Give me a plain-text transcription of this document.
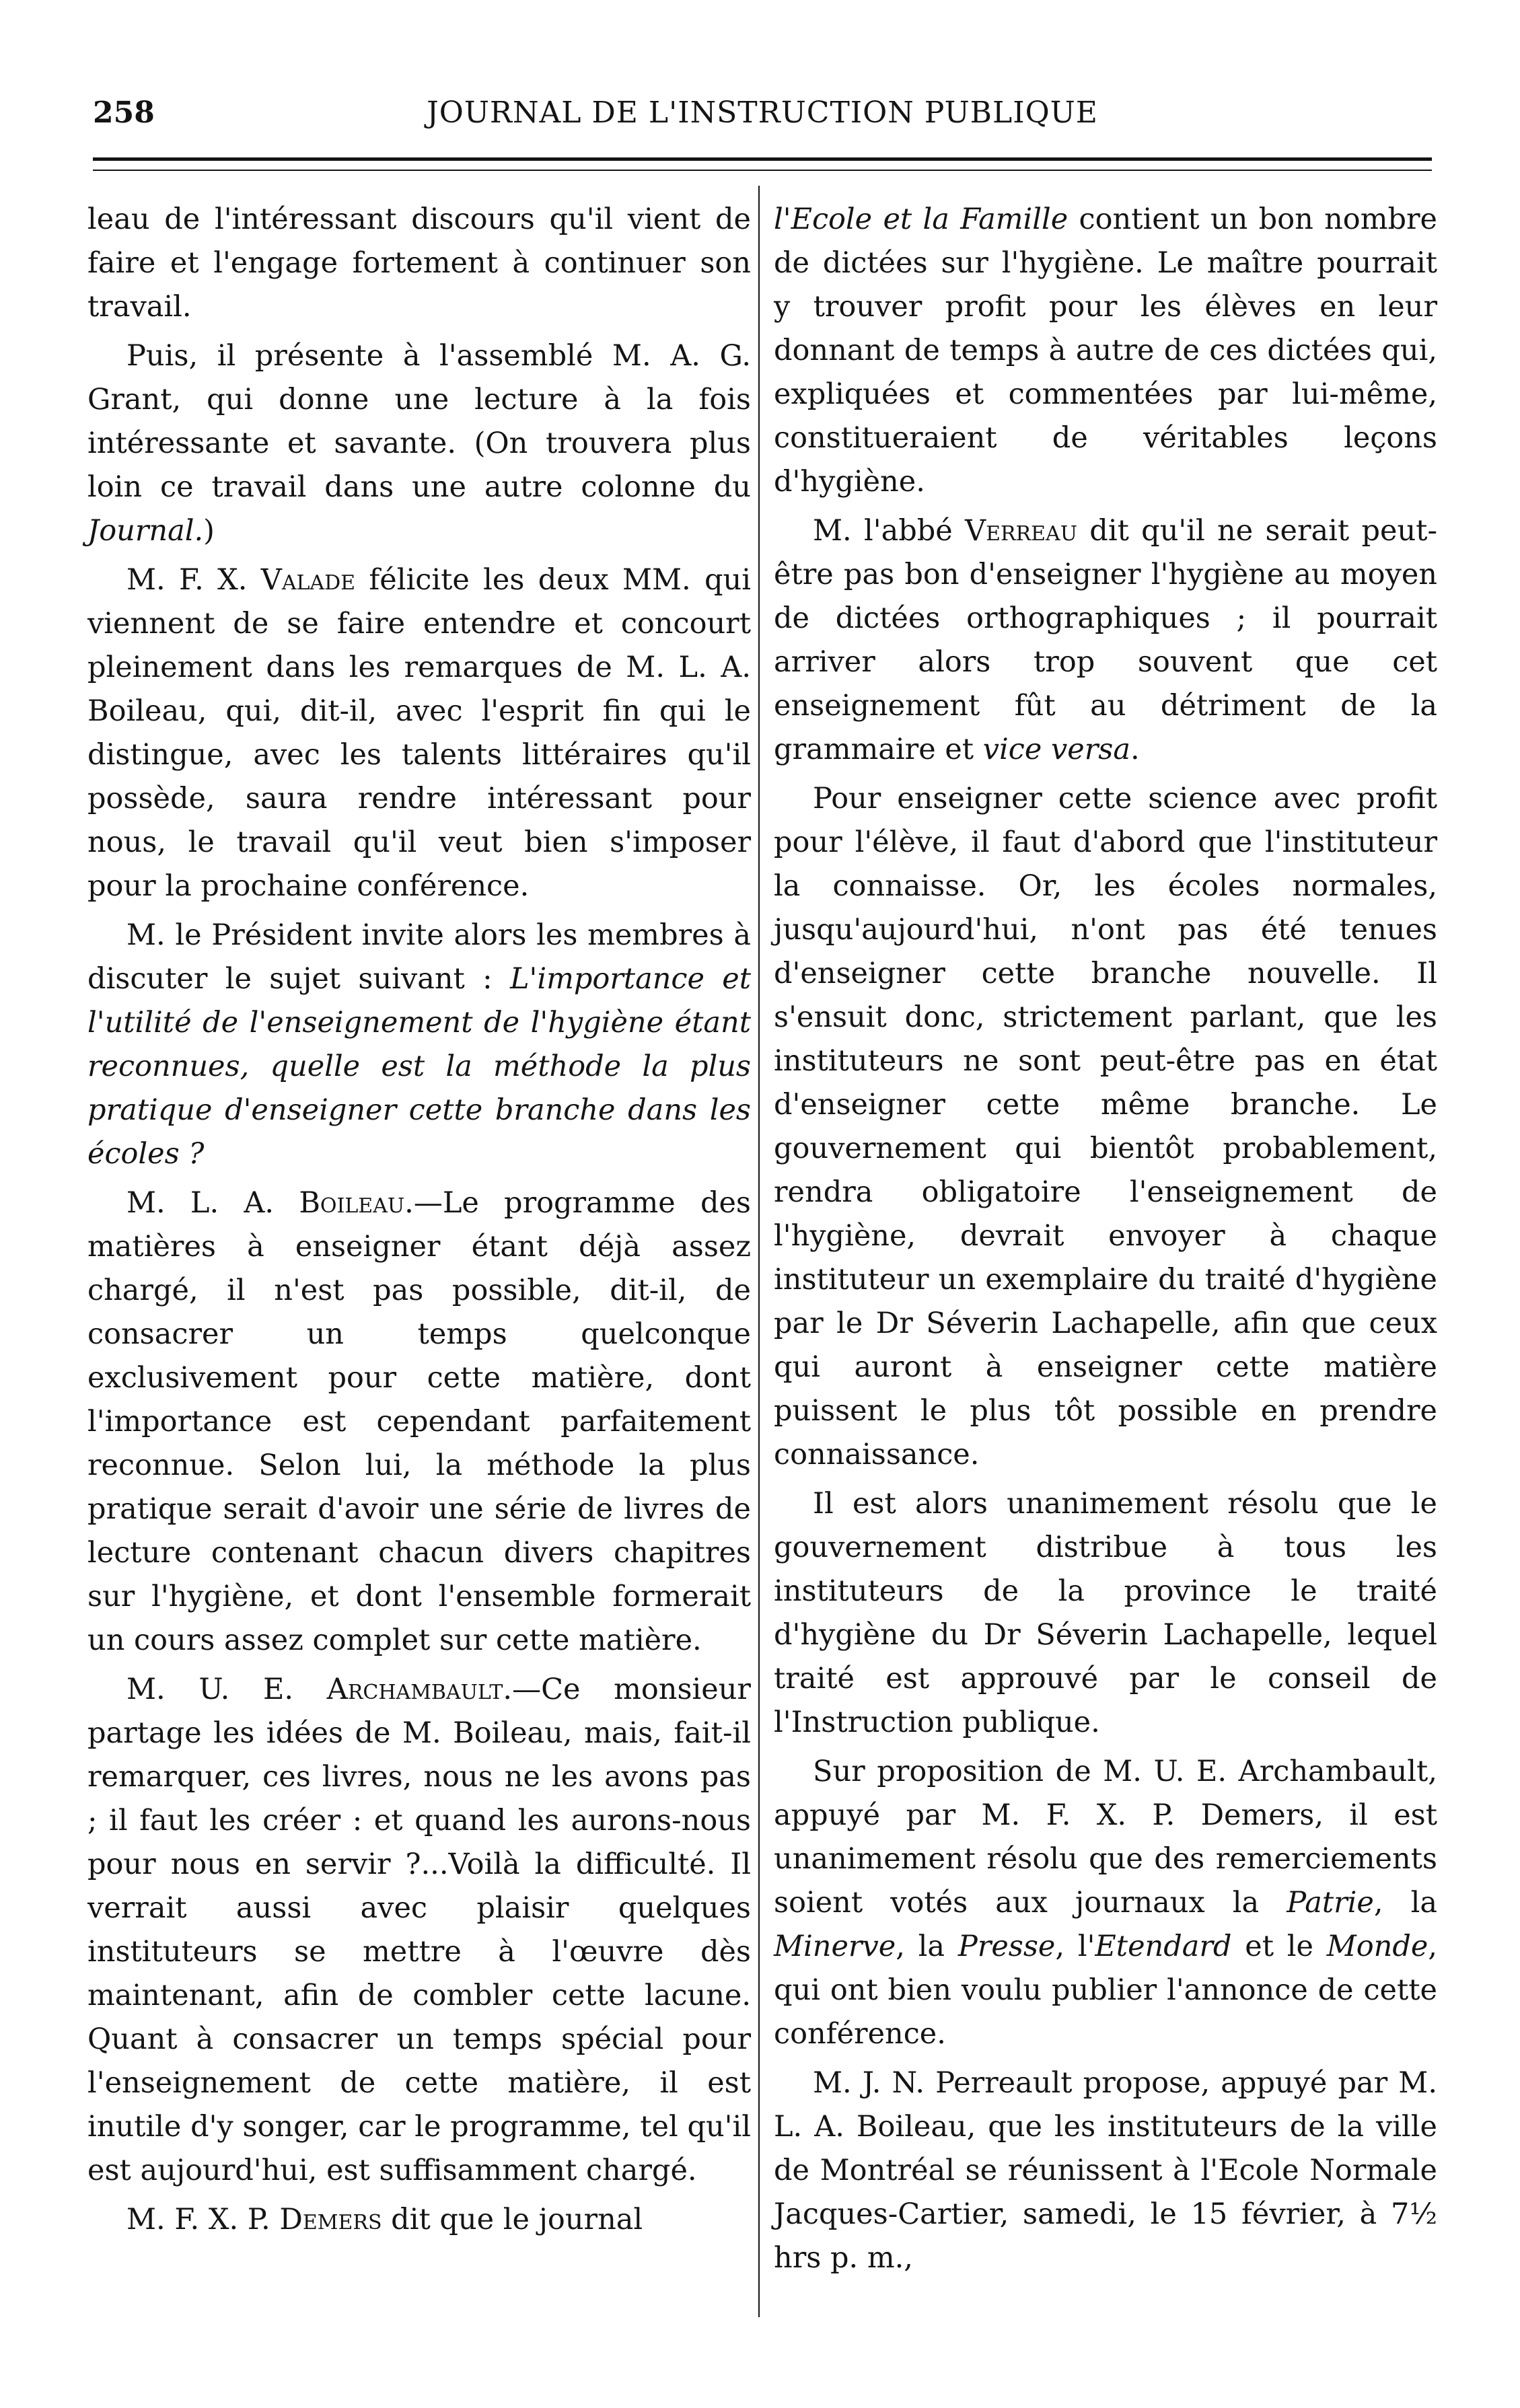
258	JOURNAL DE L'INSTRUCTION PUBLIQUE

leau de l'intéressant discours qu'il vient de faire et l'engage fortement à continuer son travail.

Puis, il présente à l'assemblé M. A. G. Grant, qui donne une lecture à la fois intéressante et savante. (On trouvera plus loin ce travail dans une autre colonne du Journal.)

M. F. X. Valade félicite les deux MM. qui viennent de se faire entendre et concourt pleinement dans les remarques de M. L. A. Boileau, qui, dit-il, avec l'esprit fin qui le distingue, avec les talents littéraires qu'il possède, saura rendre intéressant pour nous, le travail qu'il veut bien s'imposer pour la prochaine conférence.

M. le Président invite alors les membres à discuter le sujet suivant : L'importance et l'utilité de l'enseignement de l'hygiène étant reconnues, quelle est la méthode la plus pratique d'enseigner cette branche dans les écoles ?

M. L. A. Boileau.—Le programme des matières à enseigner étant déjà assez chargé, il n'est pas possible, dit-il, de consacrer un temps quelconque exclusivement pour cette matière, dont l'importance est cependant parfaitement reconnue. Selon lui, la méthode la plus pratique serait d'avoir une série de livres de lecture contenant chacun divers chapitres sur l'hygiène, et dont l'ensemble formerait un cours assez complet sur cette matière.

M. U. E. Archambault.—Ce monsieur partage les idées de M. Boileau, mais, fait-il remarquer, ces livres, nous ne les avons pas ; il faut les créer : et quand les aurons-nous pour nous en servir ?...Voilà la difficulté. Il verrait aussi avec plaisir quelques instituteurs se mettre à l'œuvre dès maintenant, afin de combler cette lacune. Quant à consacrer un temps spécial pour l'enseignement de cette matière, il est inutile d'y songer, car le programme, tel qu'il est aujourd'hui, est suffisamment chargé.

M. F. X. P. Demers dit que le journal

l'Ecole et la Famille contient un bon nombre de dictées sur l'hygiène. Le maître pourrait y trouver profit pour les élèves en leur donnant de temps à autre de ces dictées qui, expliquées et commentées par lui-même, constitueraient de véritables leçons d'hygiène.

M. l'abbé Verreau dit qu'il ne serait peut-être pas bon d'enseigner l'hygiène au moyen de dictées orthographiques ; il pourrait arriver alors trop souvent que cet enseignement fût au détriment de la grammaire et vice versa.

Pour enseigner cette science avec profit pour l'élève, il faut d'abord que l'instituteur la connaisse. Or, les écoles normales, jusqu'aujourd'hui, n'ont pas été tenues d'enseigner cette branche nouvelle. Il s'ensuit donc, strictement parlant, que les instituteurs ne sont peut-être pas en état d'enseigner cette même branche. Le gouvernement qui bientôt probablement, rendra obligatoire l'enseignement de l'hygiène, devrait envoyer à chaque instituteur un exemplaire du traité d'hygiène par le Dr Séverin Lachapelle, afin que ceux qui auront à enseigner cette matière puissent le plus tôt possible en prendre connaissance.

Il est alors unanimement résolu que le gouvernement distribue à tous les instituteurs de la province le traité d'hygiène du Dr Séverin Lachapelle, lequel traité est approuvé par le conseil de l'Instruction publique.

Sur proposition de M. U. E. Archambault, appuyé par M. F. X. P. Demers, il est unanimement résolu que des remerciements soient votés aux journaux la Patrie, la Minerve, la Presse, l'Etendard et le Monde, qui ont bien voulu publier l'annonce de cette conférence.

M. J. N. Perreault propose, appuyé par M. L. A. Boileau, que les instituteurs de la ville de Montréal se réunissent à l'Ecole Normale Jacques-Cartier, samedi, le 15 février, à 7½ hrs p. m.,
